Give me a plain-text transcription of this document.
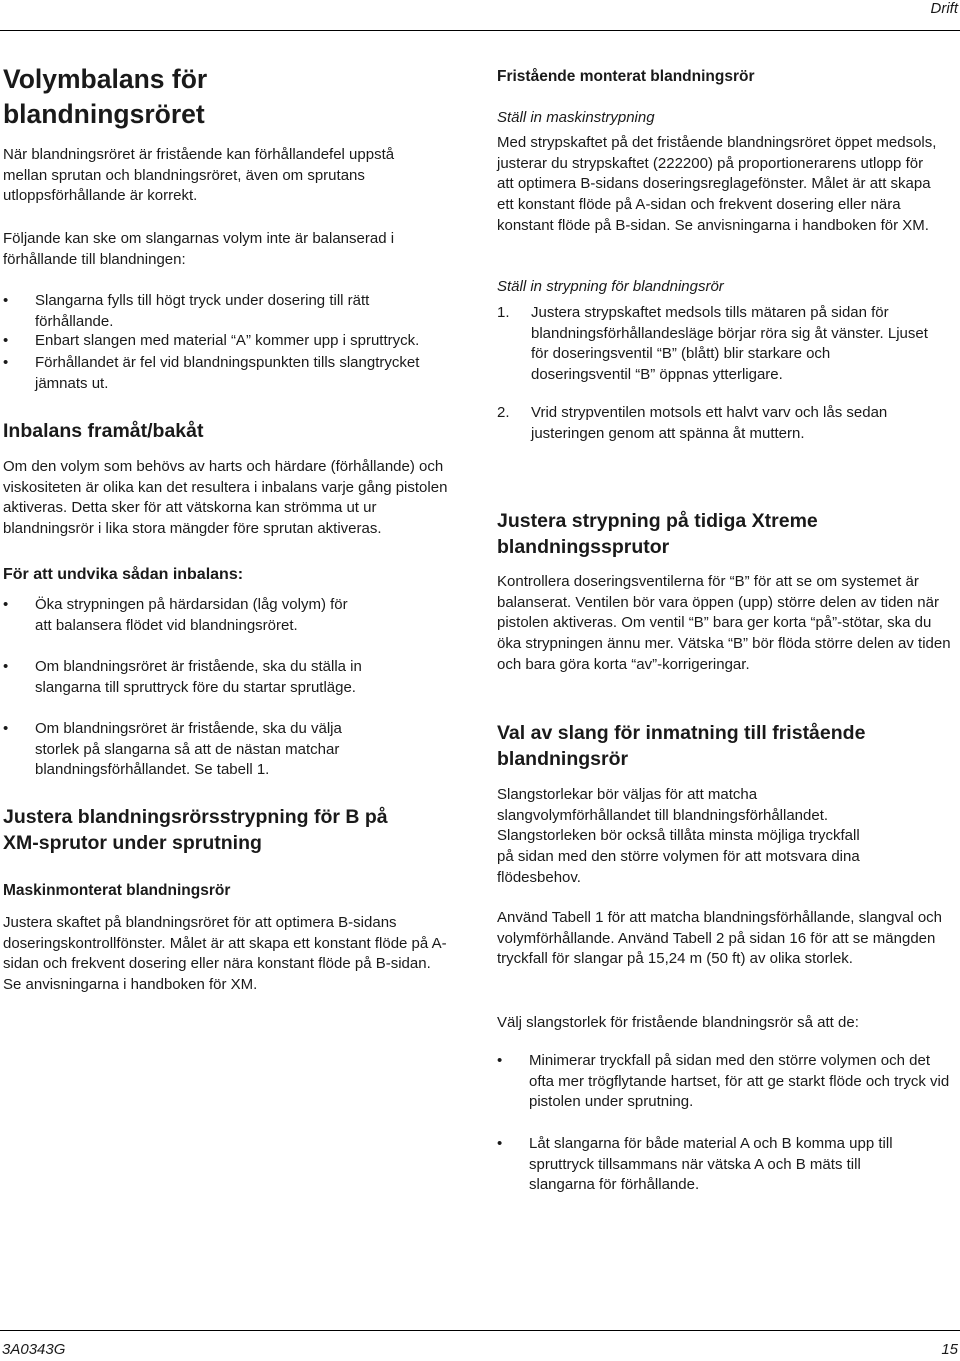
Drift
Volymbalans för blandningsröret

När blandningsröret är fristående kan förhållandefel uppstå mellan sprutan och blandningsröret, även om sprutans utloppsförhållande är korrekt.

Följande kan ske om slangarnas volym inte är balanserad i förhållande till blandningen:

• Slangarna fylls till högt tryck under dosering till rätt förhållande.
• Enbart slangen med material “A” kommer upp i spruttryck.
• Förhållandet är fel vid blandningspunkten tills slangtrycket jämnats ut.
Inbalans framåt/bakåt

Om den volym som behövs av harts och härdare (förhållande) och viskositeten är olika kan det resultera i inbalans varje gång pistolen aktiveras. Detta sker för att vätskorna kan strömma ut ur blandningsrör i lika stora mängder före sprutan aktiveras.

För att undvika sådan inbalans:
• Öka strypningen på härdarsidan (låg volym) för att balansera flödet vid blandningsröret.
• Om blandningsröret är fristående, ska du ställa in slangarna till spruttryck före du startar sprutläge.
• Om blandningsröret är fristående, ska du välja storlek på slangarna så att de nästan matchar blandningsförhållandet. Se tabell 1.
Justera blandningsrörsstrypning för B på XM-sprutor under sprutning
Maskinmonterat blandningsrör

Justera skaftet på blandningsröret för att optimera B-sidans doseringskontrollfönster. Målet är att skapa ett konstant flöde på A-sidan och frekvent dosering eller nära konstant flöde på B-sidan. Se anvisningarna i handboken för XM.

Fristående monterat blandningsrör
Ställ in maskinstrypning

Med strypskaftet på det fristående blandningsröret öppet medsols, justerar du strypskaftet (222200) på proportionerarens utlopp för att optimera B-sidans doseringsreglagefönster. Målet är att skapa ett konstant flöde på A-sidan och frekvent dosering eller nära konstant flöde på B-sidan. Se anvisningarna i handboken för XM.

Ställ in strypning för blandningsrör
1. Justera strypskaftet medsols tills mätaren på sidan för blandningsförhållandesläge börjar röra sig åt vänster. Ljuset för doseringsventil “B” (blått) blir starkare och doseringsventil “B” öppnas ytterligare.
2. Vrid strypventilen motsols ett halvt varv och lås sedan justeringen genom att spänna åt muttern.
Justera strypning på tidiga Xtreme blandningssprutor

Kontrollera doseringsventilerna för “B” för att se om systemet är balanserat. Ventilen bör vara öppen (upp) större delen av tiden när pistolen aktiveras. Om ventil “B” bara ger korta “på”-stötar, ska du öka strypningen ännu mer. Vätska “B” bör flöda större delen av tiden och bara göra korta “av”-korrigeringar.

Val av slang för inmatning till fristående blandningsrör

Slangstorlekar bör väljas för att matcha slangvolymförhållandet till blandningsförhållandet. Slangstorleken bör också tillåta minsta möjliga tryckfall på sidan med den större volymen för att motsvara dina flödesbehov.

Använd Tabell 1 för att matcha blandningsförhållande, slangval och volymförhållande. Använd Tabell 2 på sidan 16 för att se mängden tryckfall för slangar på 15,24 m (50 ft) av olika storlek.

Välj slangstorlek för fristående blandningsrör så att de:

• Minimerar tryckfall på sidan med den större volymen och det ofta mer trögflytande hartset, för att ge starkt flöde och tryck vid pistolen under sprutning.
• Låt slangarna för både material A och B komma upp till spruttryck tillsammans när vätska A och B mäts till slangarna för förhållande.
3A0343G	15
